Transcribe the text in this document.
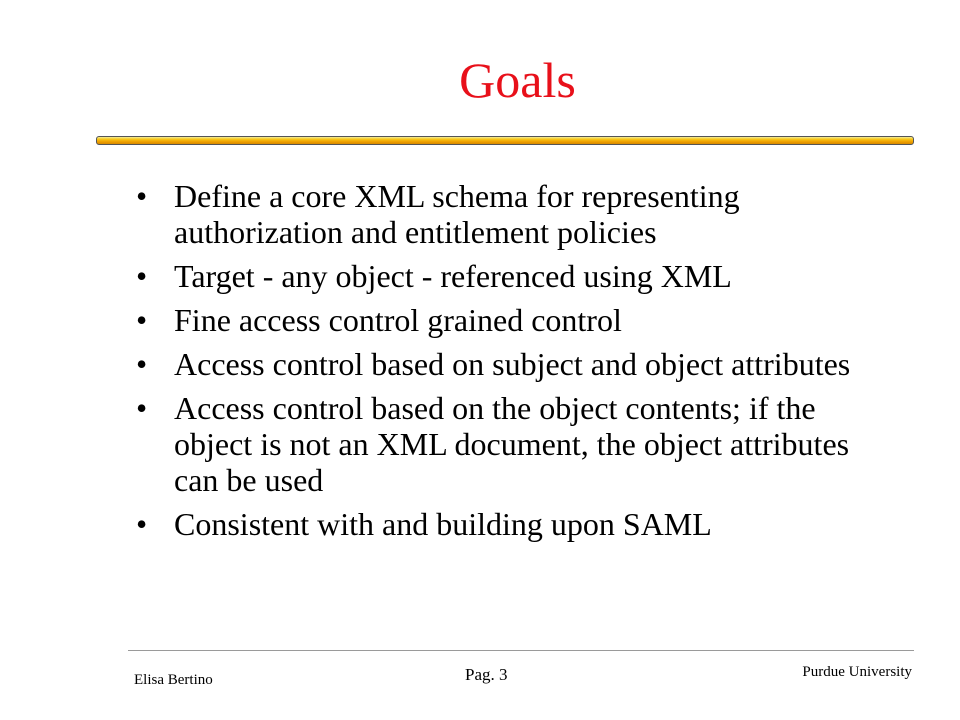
Goals
• Define a core XML schema for representing authorization and entitlement policies
• Target - any object - referenced using XML
• Fine access control grained control
• Access control based on subject and object attributes
• Access control based on the object contents; if the object is not an XML document, the object attributes can be used
• Consistent with and building upon SAML
Elisa Bertino	Pag. 3	Purdue University
